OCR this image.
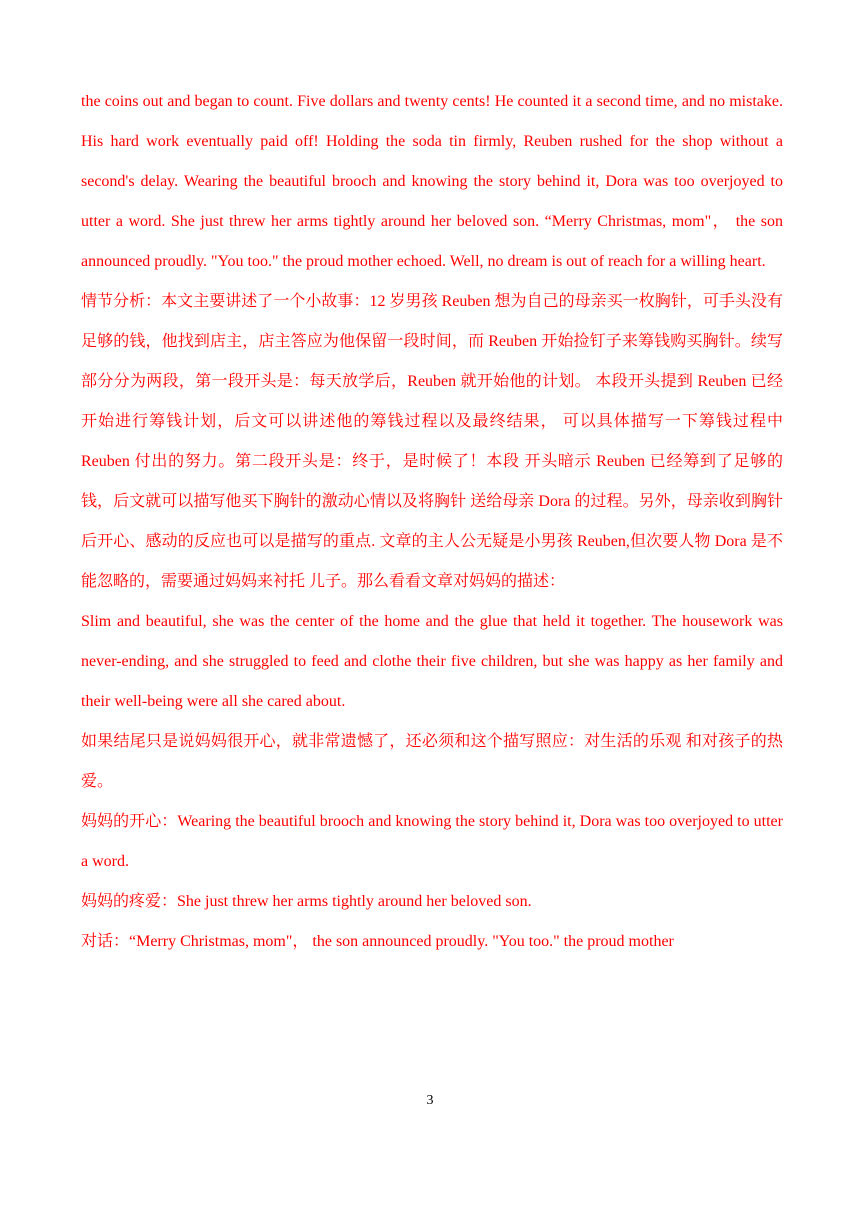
the coins out and began to count. Five dollars and twenty cents! He counted it a second time, and no mistake. His hard work eventually paid off! Holding the soda tin firmly, Reuben rushed for the shop without a second's delay. Wearing the beautiful brooch and knowing the story behind it, Dora was too overjoyed to utter a word. She just threw her arms tightly around her beloved son. “Merry Christmas, mom"， the son announced proudly. "You too." the proud mother echoed. Well, no dream is out of reach for a willing heart.

情节分析：本文主要讲述了一个小故事：12 岁男孩 Reuben 想为自己的母亲买一枚胸针，可手头没有足够的钱，他找到店主，店主答应为他保留一段时间，而 Reuben 开始捡钉子来筹钱购买胸针。续写部分分为两段，第一段开头是：每天放学后，Reuben 就开始他的计划。 本段开头提到 Reuben 已经开始进行筹钱计划，后文可以讲述他的筹钱过程以及最终结果， 可以具体描写一下筹钱过程中 Reuben 付出的努力。第二段开头是：终于，是时候了！本段 开头暗示 Reuben 已经筹到了足够的钱，后文就可以描写他买下胸针的激动心情以及将胸针 送给母亲 Dora 的过程。另外，母亲收到胸针后开心、感动的反应也可以是描写的重点. 文章的主人公无疑是小男孩 Reuben,但次要人物 Dora 是不能忽略的，需要通过妈妈来衬托 儿子。那么看看文章对妈妈的描述：

Slim and beautiful, she was the center of the home and the glue that held it together. The housework was never-ending, and she struggled to feed and clothe their five children, but she was happy as her family and their well-being were all she cared about.

如果结尾只是说妈妈很开心，就非常遗憾了，还必须和这个描写照应：对生活的乐观 和对孩子的热爱。

妈妈的开心：Wearing the beautiful brooch and knowing the story behind it, Dora was too overjoyed to utter a word.

妈妈的疼爱：She just threw her arms tightly around her beloved son.

对话：“Merry Christmas, mom"， the son announced proudly. "You too." the proud mother

3
